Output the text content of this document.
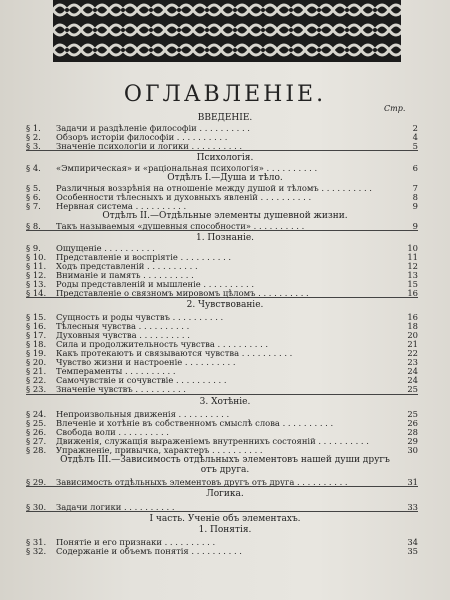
ОГЛАВЛЕНІЕ.
Стр.
ВВЕДЕНІЕ.
§ 1. Задачи и раздѣленіе философіи . . . . . . . . . .	2
§ 2. Обзоръ исторіи философіи . . . . . . . . . .	4
§ 3. Значеніе психологіи и логики . . . . . . . . . .	5
Психологія.
§ 4. «Эмпирическая» и «раціональная психологія» . . . . . . . . . .	6
Отдѣлъ I.—Душа и тѣло.
§ 5. Различныя воззрѣнія на отношеніе между душой и тѣломъ . . . . . . . . . .	7
§ 6. Особенности тѣлесныхъ и духовныхъ явленій . . . . . . . . . .	8
§ 7. Нервная система . . . . . . . . . .	9
Отдѣлъ II.—Отдѣльные элементы душевной жизни.
§ 8. Такъ называемыя «душевныя способности» . . . . . . . . . .	9
1. Познаніе.
§ 9. Ощущеніе . . . . . . . . . .	10
§ 10. Представленіе и воспріятіе . . . . . . . . . .	11
§ 11. Ходъ представленій . . . . . . . . . .	12
§ 12. Вниманіе и память . . . . . . . . . .	13
§ 13. Роды представленій и мышленіе . . . . . . . . . .	15
§ 14. Представленіе о связномъ мировомъ цѣломъ . . . . . . . . . .	16
2. Чувствованіе.
§ 15. Сущность и роды чувствъ . . . . . . . . . .	16
§ 16. Тѣлесныя чувства . . . . . . . . . .	18
§ 17. Духовныя чувства . . . . . . . . . .	20
§ 18. Сила и продолжительность чувства . . . . . . . . . .	21
§ 19. Какъ протекаютъ и связываются чувства . . . . . . . . . .	22
§ 20. Чувство жизни и настроеніе . . . . . . . . . .	23
§ 21. Темпераменты . . . . . . . . . .	24
§ 22. Самочувствіе и сочувствіе . . . . . . . . . .	24
§ 23. Значеніе чувствъ . . . . . . . . . .	25
3. Хотѣніе.
§ 24. Непроизвольныя движенія . . . . . . . . . .	25
§ 25. Влеченіе и хотѣніе въ собственномъ смыслѣ слова . . . . . . . . . .	26
§ 26. Свобода воли . . . . . . . . . .	28
§ 27. Движенія, служащія выраженіемъ внутреннихъ состояній . . . . . . . . . .	29
§ 28. Упражненіе, привычка, характеръ . . . . . . . . . .	30
Отдѣлъ III.—Зависимость отдѣльныхъ элементовъ нашей души другъ
отъ друга.
§ 29. Зависимость отдѣльныхъ элементовъ другъ отъ друга . . . . . . . . . .	31
Логика.
§ 30. Задачи логики . . . . . . . . . .	33
I часть. Ученіе объ элементахъ.
1. Понятія.
§ 31. Понятіе и его признаки . . . . . . . . . .	34
§ 32. Содержаніе и объемъ понятія . . . . . . . . . .	35
